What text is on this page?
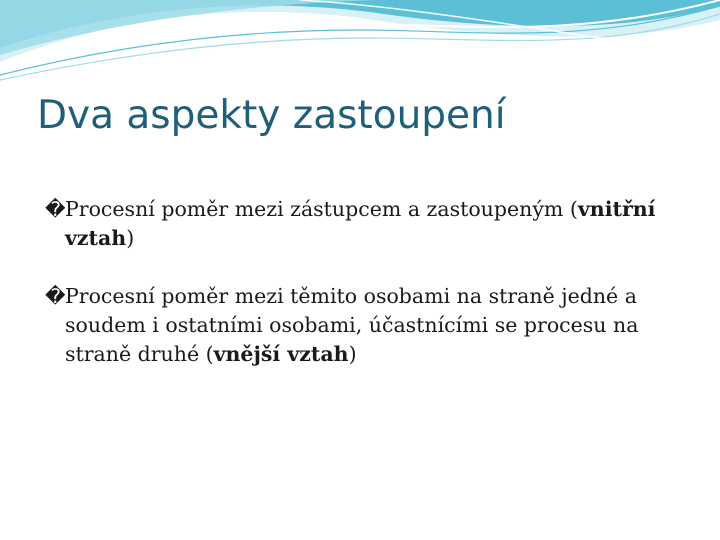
Dva aspekty zastoupení

� Procesní poměr mezi zástupcem a zastoupeným (vnitřní vztah)

� Procesní poměr mezi těmito osobami na straně jedné a soudem i ostatními osobami, účastnícími se procesu na straně druhé (vnější vztah)
